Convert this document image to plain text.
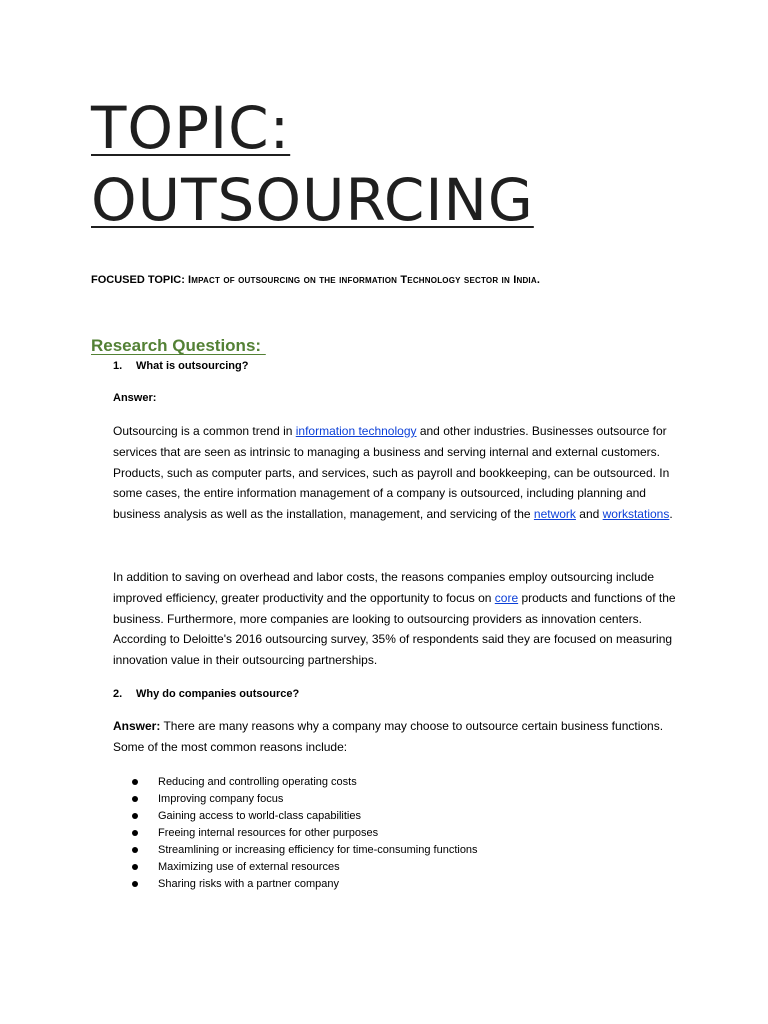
TOPIC:
OUTSOURCING
FOCUSED TOPIC: Impact of outsourcing on the information Technology sector in India.
Research Questions:
1. What is outsourcing?
Answer:

Outsourcing is a common trend in information technology and other industries. Businesses outsource for services that are seen as intrinsic to managing a business and serving internal and external customers. Products, such as computer parts, and services, such as payroll and bookkeeping, can be outsourced. In some cases, the entire information management of a company is outsourced, including planning and business analysis as well as the installation, management, and servicing of the network and workstations.

In addition to saving on overhead and labor costs, the reasons companies employ outsourcing include improved efficiency, greater productivity and the opportunity to focus on core products and functions of the business. Furthermore, more companies are looking to outsourcing providers as innovation centers. According to Deloitte's 2016 outsourcing survey, 35% of respondents said they are focused on measuring innovation value in their outsourcing partnerships.

2. Why do companies outsource?

Answer: There are many reasons why a company may choose to outsource certain business functions. Some of the most common reasons include:

Reducing and controlling operating costs
Improving company focus
Gaining access to world-class capabilities
Freeing internal resources for other purposes
Streamlining or increasing efficiency for time-consuming functions
Maximizing use of external resources
Sharing risks with a partner company
